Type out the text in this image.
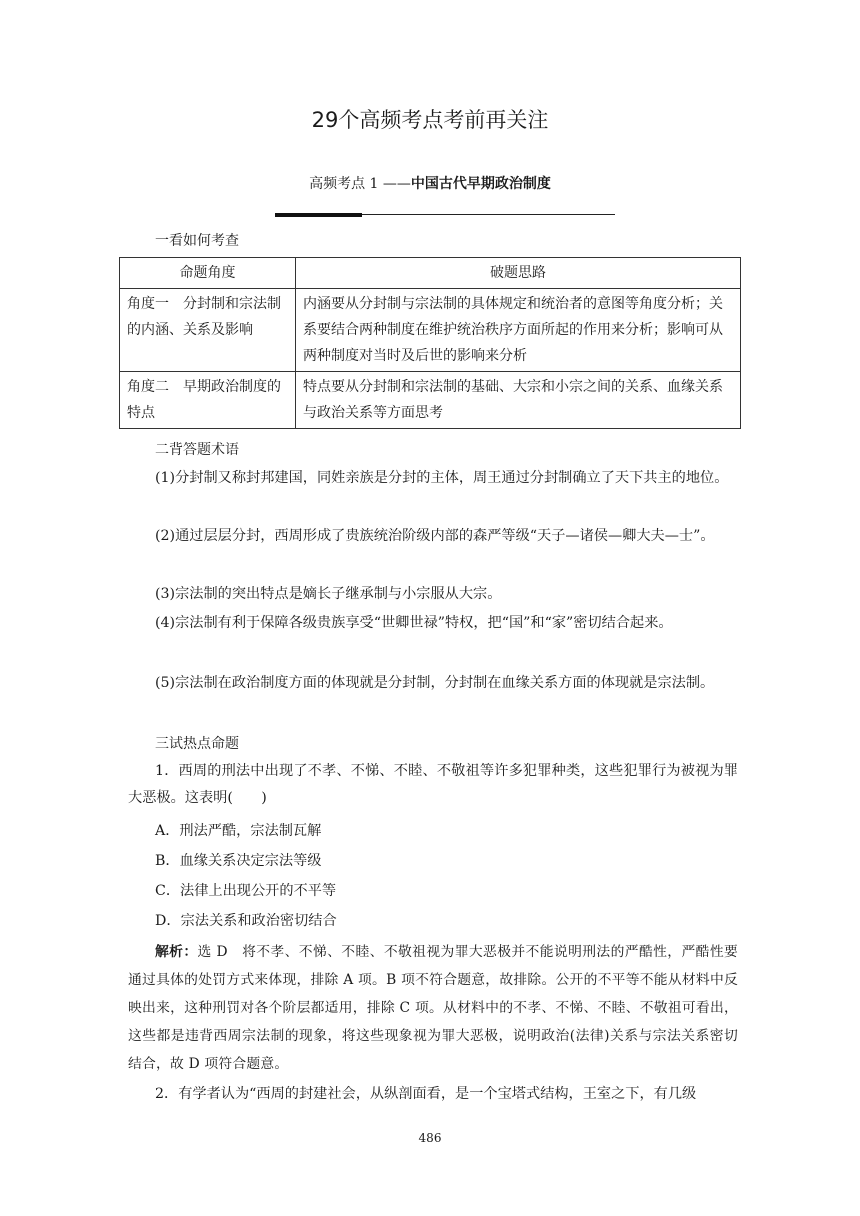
29个高频考点考前再关注
高频考点 1 ——中国古代早期政治制度
一看如何考查
命题角度	破题思路
角度一　分封制和宗法制的内涵、关系及影响	内涵要从分封制与宗法制的具体规定和统治者的意图等角度分析；关系要结合两种制度在维护统治秩序方面所起的作用来分析；影响可从两种制度对当时及后世的影响来分析
角度二　早期政治制度的特点	特点要从分封制和宗法制的基础、大宗和小宗之间的关系、血缘关系与政治关系等方面思考
二背答题术语
(1)分封制又称封邦建国，同姓亲族是分封的主体，周王通过分封制确立了天下共主的地位。
(2)通过层层分封，西周形成了贵族统治阶级内部的森严等级“天子—诸侯—卿大夫—士”。
(3)宗法制的突出特点是嫡长子继承制与小宗服从大宗。
(4)宗法制有利于保障各级贵族享受“世卿世禄”特权，把“国”和“家”密切结合起来。
(5)宗法制在政治制度方面的体现就是分封制，分封制在血缘关系方面的体现就是宗法制。
三试热点命题
1．西周的刑法中出现了不孝、不悌、不睦、不敬祖等许多犯罪种类，这些犯罪行为被视为罪大恶极。这表明(　　)
A．刑法严酷，宗法制瓦解
B．血缘关系决定宗法等级
C．法律上出现公开的不平等
D．宗法关系和政治密切结合
解析：选 D　将不孝、不悌、不睦、不敬祖视为罪大恶极并不能说明刑法的严酷性，严酷性要通过具体的处罚方式来体现，排除 A 项。B 项不符合题意，故排除。公开的不平等不能从材料中反映出来，这种刑罚对各个阶层都适用，排除 C 项。从材料中的不孝、不悌、不睦、不敬祖可看出，这些都是违背西周宗法制的现象，将这些现象视为罪大恶极，说明政治(法律)关系与宗法关系密切结合，故 D 项符合题意。
2．有学者认为“西周的封建社会，从纵剖面看，是一个宝塔式结构，王室之下，有几级
486
